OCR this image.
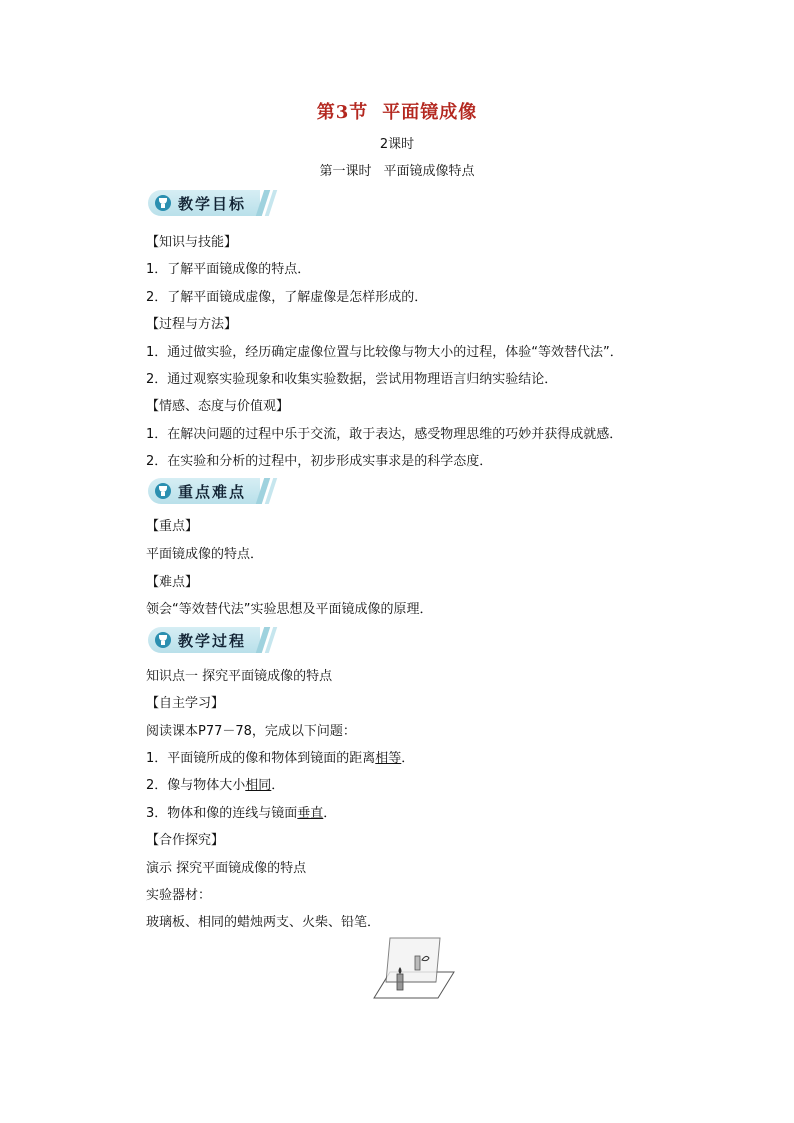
第3节 平面镜成像
2课时
第一课时 平面镜成像特点
教学目标
【知识与技能】
1．了解平面镜成像的特点．
2．了解平面镜成虚像，了解虚像是怎样形成的．
【过程与方法】
1．通过做实验，经历确定虚像位置与比较像与物大小的过程，体验“等效替代法”．
2．通过观察实验现象和收集实验数据，尝试用物理语言归纳实验结论．
【情感、态度与价值观】
1．在解决问题的过程中乐于交流，敢于表达，感受物理思维的巧妙并获得成就感．
2．在实验和分析的过程中，初步形成实事求是的科学态度．
重点难点
【重点】
平面镜成像的特点．
【难点】
领会“等效替代法”实验思想及平面镜成像的原理．
教学过程
知识点一 探究平面镜成像的特点
【自主学习】
阅读课本P77－78，完成以下问题：
1．平面镜所成的像和物体到镜面的距离相等．
2．像与物体大小相同．
3．物体和像的连线与镜面垂直．
【合作探究】
演示 探究平面镜成像的特点
实验器材：
玻璃板、相同的蜡烛两支、火柴、铅笔．
